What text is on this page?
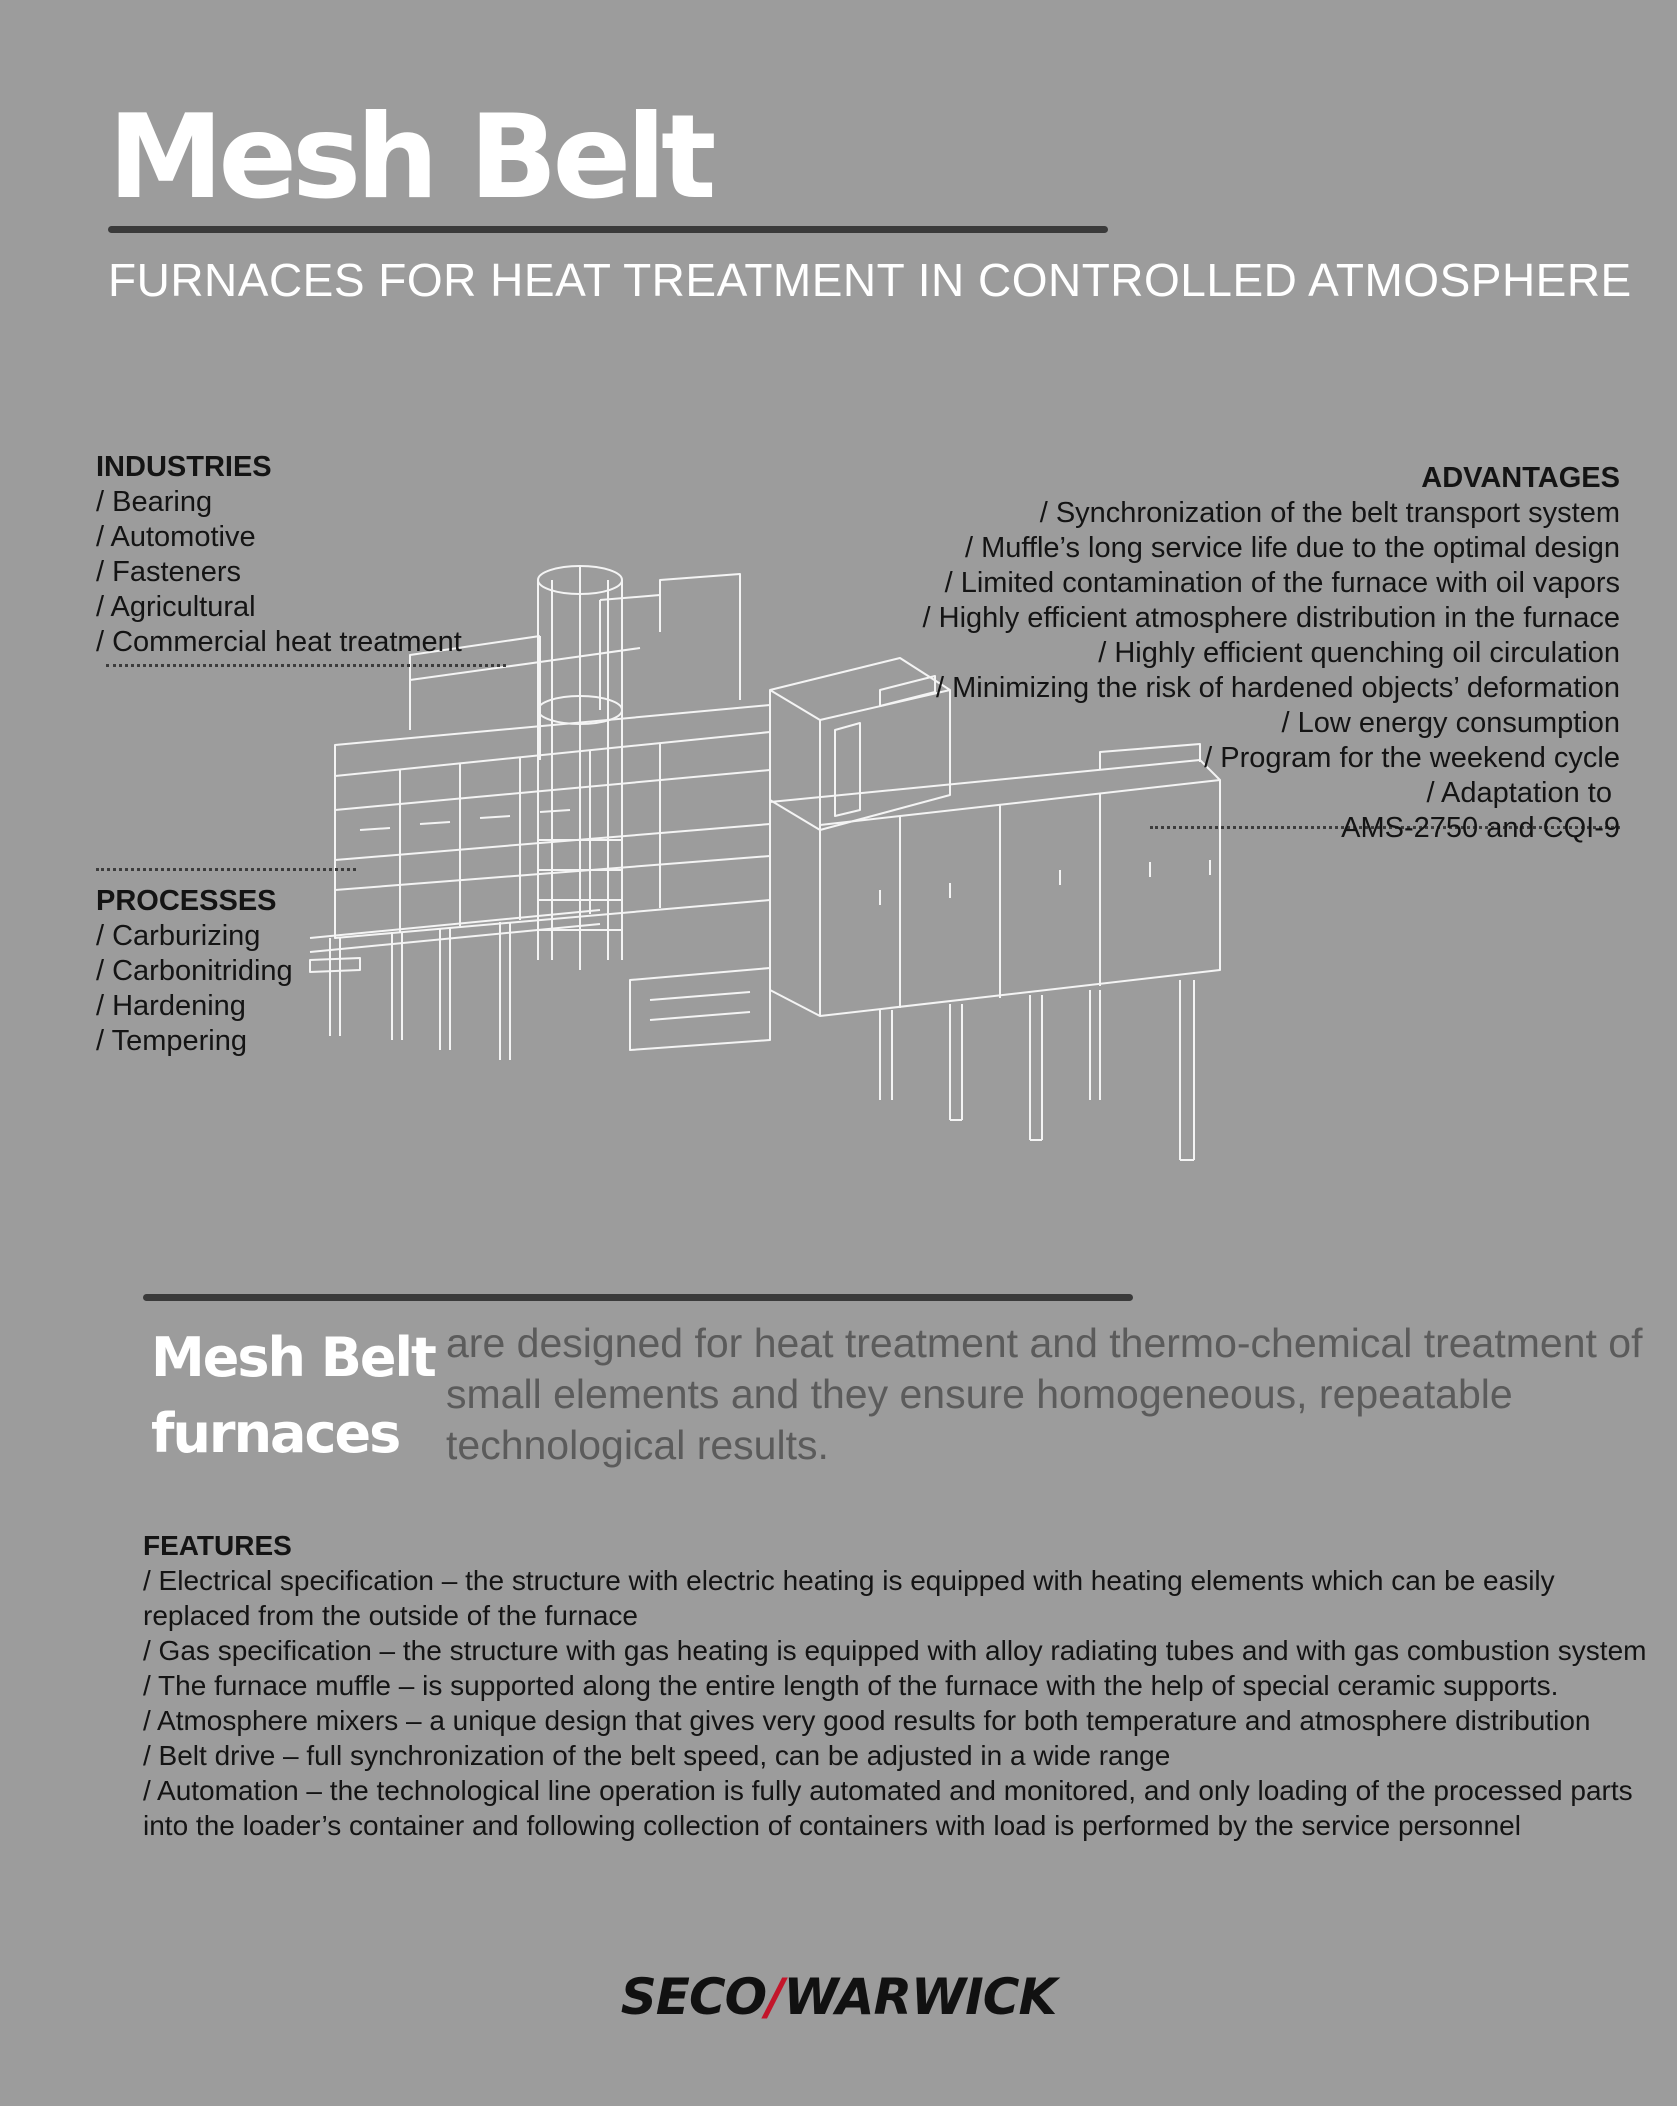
Mesh Belt
FURNACES FOR HEAT TREATMENT IN CONTROLLED ATMOSPHERE
INDUSTRIES
/ Bearing
/ Automotive
/ Fasteners
/ Agricultural
/ Commercial heat treatment
PROCESSES
/ Carburizing
/ Carbonitriding
/ Hardening
/ Tempering
ADVANTAGES
/ Synchronization of the belt transport system
/ Muffle’s long service life due to the optimal design
/ Limited contamination of the furnace with oil vapors
/ Highly efficient atmosphere distribution in the furnace
/ Highly efficient quenching oil circulation
/ Minimizing the risk of hardened objects’ deformation
/ Low energy consumption
/ Program for the weekend cycle
/ Adaptation to
AMS-2750 and CQI-9
Mesh Belt
furnaces
are designed for heat treatment and thermo-chemical treatment of small elements and they ensure homogeneous, repeatable technological results.
FEATURES
/ Electrical specification – the structure with electric heating is equipped with heating elements which can be easily replaced from the outside of the furnace
/ Gas specification – the structure with gas heating is equipped with alloy radiating tubes and with gas combustion system
/ The furnace muffle – is supported along the entire length of the furnace with the help of special ceramic supports.
/ Atmosphere mixers – a unique design that gives very good results for both temperature and atmosphere distribution
/ Belt drive – full synchronization of the belt speed, can be adjusted in a wide range
/ Automation – the technological line operation is fully automated and monitored, and only loading of the processed parts into the loader’s container and following collection of containers with load is performed by the service personnel
SECO/WARWICK
